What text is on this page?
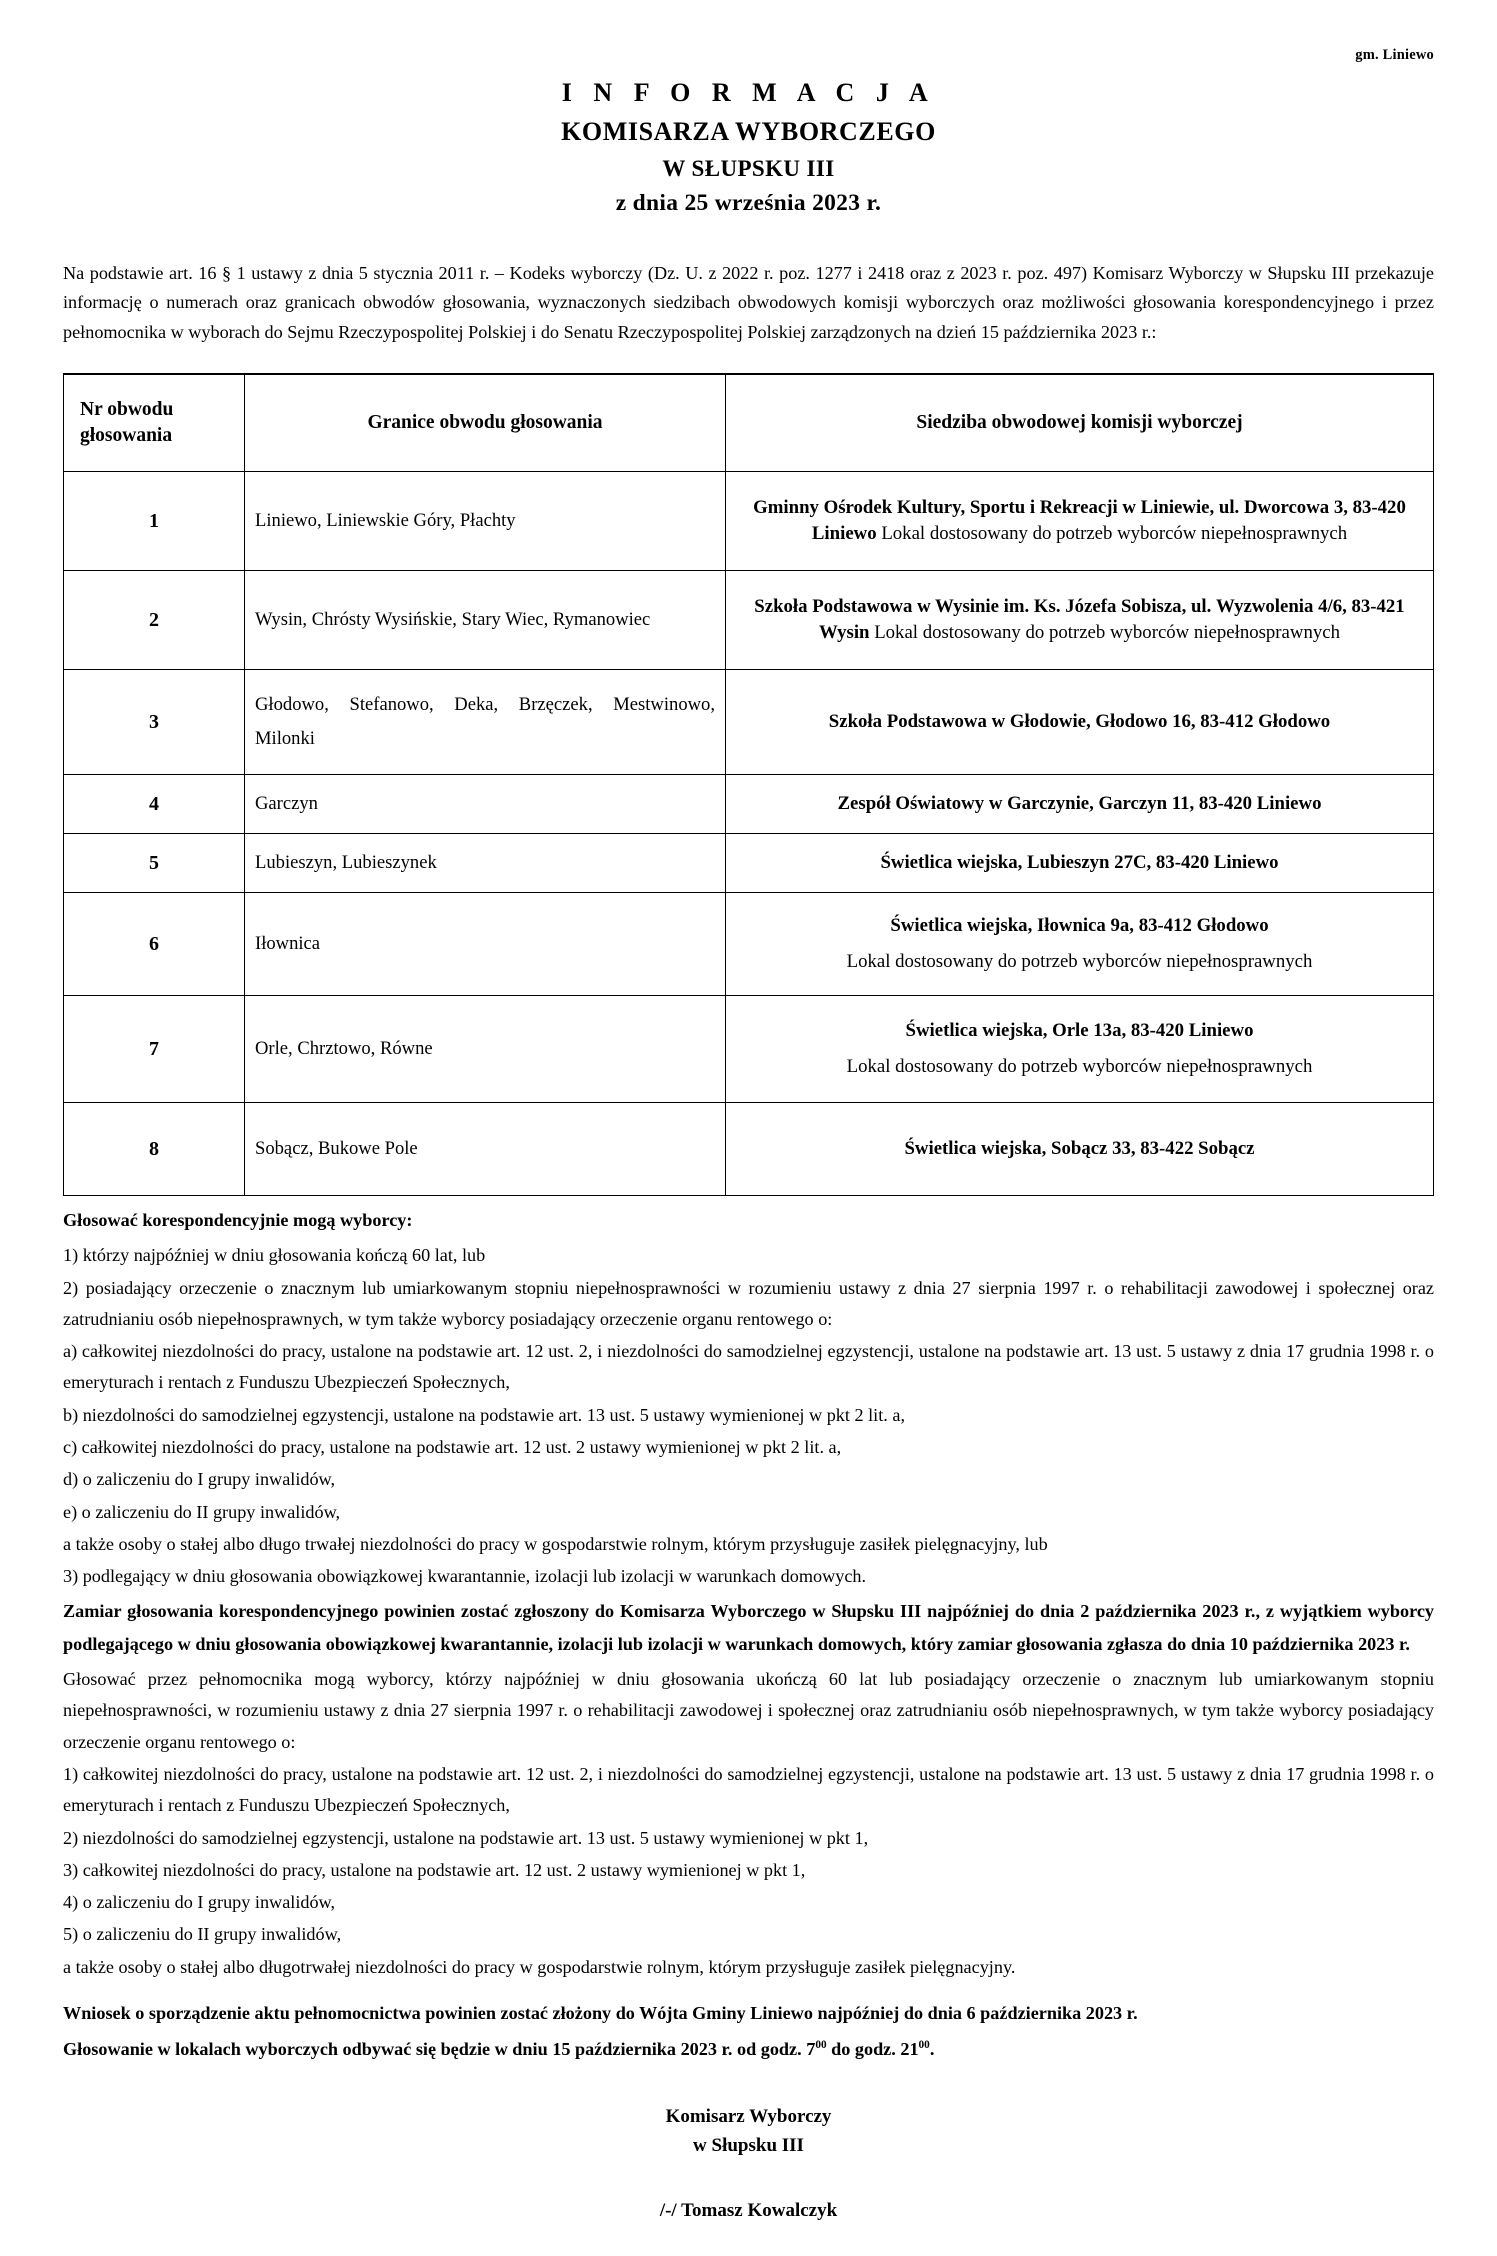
gm. Liniewo
I N F O R M A C J A
KOMISARZA WYBORCZEGO
W SŁUPSKU III
z dnia 25 września 2023 r.
Na podstawie art. 16 § 1 ustawy z dnia 5 stycznia 2011 r. – Kodeks wyborczy (Dz. U. z 2022 r. poz. 1277 i 2418 oraz z 2023 r. poz. 497) Komisarz Wyborczy w Słupsku III przekazuje informację o numerach oraz granicach obwodów głosowania, wyznaczonych siedzibach obwodowych komisji wyborczych oraz możliwości głosowania korespondencyjnego i przez pełnomocnika w wyborach do Sejmu Rzeczypospolitej Polskiej i do Senatu Rzeczypospolitej Polskiej zarządzonych na dzień 15 października 2023 r.:
Nr obwodu
głosowania	Granice obwodu głosowania	Siedziba obwodowej komisji wyborczej
1	Liniewo, Liniewskie Góry, Płachty	Gminny Ośrodek Kultury, Sportu i Rekreacji w Liniewie, ul. Dworcowa 3, 83-420 Liniewo Lokal dostosowany do potrzeb wyborców niepełnosprawnych
2	Wysin, Chrósty Wysińskie, Stary Wiec, Rymanowiec	Szkoła Podstawowa w Wysinie im. Ks. Józefa Sobisza, ul. Wyzwolenia 4/6, 83-421 Wysin Lokal dostosowany do potrzeb wyborców niepełnosprawnych
3	Głodowo, Stefanowo, Deka, Brzęczek, Mestwinowo, Milonki	Szkoła Podstawowa w Głodowie, Głodowo 16, 83-412 Głodowo
4	Garczyn	Zespół Oświatowy w Garczynie, Garczyn 11, 83-420 Liniewo
5	Lubieszyn, Lubieszynek	Świetlica wiejska, Lubieszyn 27C, 83-420 Liniewo
6	Iłownica	Świetlica wiejska, Iłownica 9a, 83-412 Głodowo
Lokal dostosowany do potrzeb wyborców niepełnosprawnych

7	Orle, Chrztowo, Równe	Świetlica wiejska, Orle 13a, 83-420 Liniewo
Lokal dostosowany do potrzeb wyborców niepełnosprawnych

8	Sobącz, Bukowe Pole	Świetlica wiejska, Sobącz 33, 83-422 Sobącz

Głosować korespondencyjnie mogą wyborcy:

1) którzy najpóźniej w dniu głosowania kończą 60 lat, lub

2) posiadający orzeczenie o znacznym lub umiarkowanym stopniu niepełnosprawności w rozumieniu ustawy z dnia 27 sierpnia 1997 r. o rehabilitacji zawodowej i społecznej oraz zatrudnianiu osób niepełnosprawnych, w tym także wyborcy posiadający orzeczenie organu rentowego o:

a) całkowitej niezdolności do pracy, ustalone na podstawie art. 12 ust. 2, i niezdolności do samodzielnej egzystencji, ustalone na podstawie art. 13 ust. 5 ustawy z dnia 17 grudnia 1998 r. o emeryturach i rentach z Funduszu Ubezpieczeń Społecznych,

b) niezdolności do samodzielnej egzystencji, ustalone na podstawie art. 13 ust. 5 ustawy wymienionej w pkt 2 lit. a,

c) całkowitej niezdolności do pracy, ustalone na podstawie art. 12 ust. 2 ustawy wymienionej w pkt 2 lit. a,

d) o zaliczeniu do I grupy inwalidów,

e) o zaliczeniu do II grupy inwalidów,

a także osoby o stałej albo długo trwałej niezdolności do pracy w gospodarstwie rolnym, którym przysługuje zasiłek pielęgnacyjny, lub

3) podlegający w dniu głosowania obowiązkowej kwarantannie, izolacji lub izolacji w warunkach domowych.

Zamiar głosowania korespondencyjnego powinien zostać zgłoszony do Komisarza Wyborczego w Słupsku III najpóźniej do dnia 2 października 2023 r., z wyjątkiem wyborcy podlegającego w dniu głosowania obowiązkowej kwarantannie, izolacji lub izolacji w warunkach domowych, który zamiar głosowania zgłasza do dnia 10 października 2023 r.

Głosować przez pełnomocnika mogą wyborcy, którzy najpóźniej w dniu głosowania ukończą 60 lat lub posiadający orzeczenie o znacznym lub umiarkowanym stopniu niepełnosprawności, w rozumieniu ustawy z dnia 27 sierpnia 1997 r. o rehabilitacji zawodowej i społecznej oraz zatrudnianiu osób niepełnosprawnych, w tym także wyborcy posiadający orzeczenie organu rentowego o:

1) całkowitej niezdolności do pracy, ustalone na podstawie art. 12 ust. 2, i niezdolności do samodzielnej egzystencji, ustalone na podstawie art. 13 ust. 5 ustawy z dnia 17 grudnia 1998 r. o emeryturach i rentach z Funduszu Ubezpieczeń Społecznych,

2) niezdolności do samodzielnej egzystencji, ustalone na podstawie art. 13 ust. 5 ustawy wymienionej w pkt 1,

3) całkowitej niezdolności do pracy, ustalone na podstawie art. 12 ust. 2 ustawy wymienionej w pkt 1,

4) o zaliczeniu do I grupy inwalidów,

5) o zaliczeniu do II grupy inwalidów,

a także osoby o stałej albo długotrwałej niezdolności do pracy w gospodarstwie rolnym, którym przysługuje zasiłek pielęgnacyjny.

Wniosek o sporządzenie aktu pełnomocnictwa powinien zostać złożony do Wójta Gminy Liniewo najpóźniej do dnia 6 października 2023 r.

Głosowanie w lokalach wyborczych odbywać się będzie w dniu 15 października 2023 r. od godz. $7^{00}$ do godz. $21^{00}$.

Komisarz Wyborczy
w Słupsku III
/-/ Tomasz Kowalczyk
